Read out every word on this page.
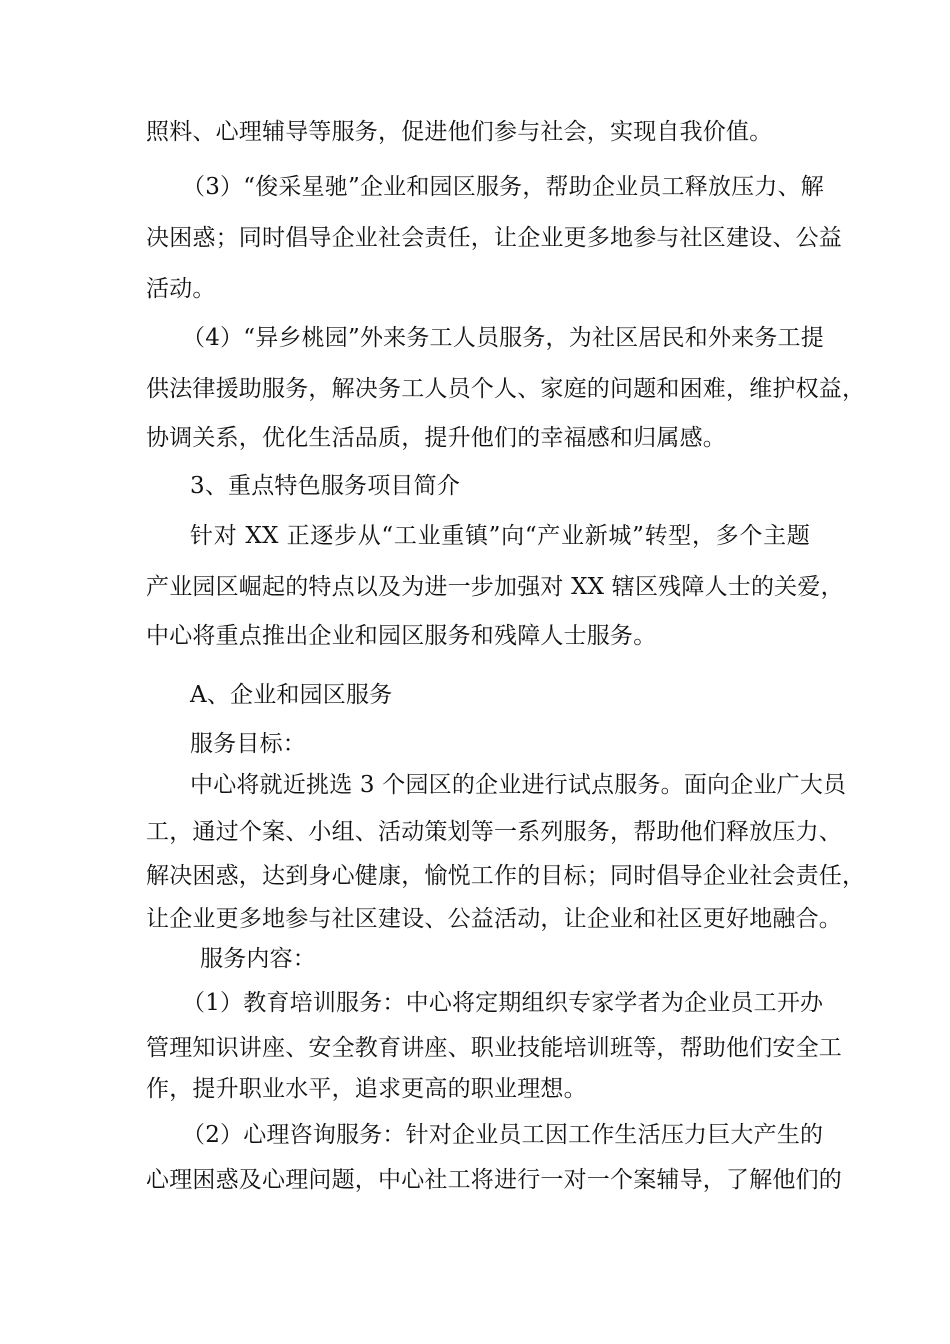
照料、心理辅导等服务，促进他们参与社会，实现自我价值。
（3）“俊采星驰”企业和园区服务，帮助企业员工释放压力、解
决困惑；同时倡导企业社会责任，让企业更多地参与社区建设、公益
活动。
（4）“异乡桃园”外来务工人员服务，为社区居民和外来务工提
供法律援助服务，解决务工人员个人、家庭的问题和困难，维护权益，
协调关系，优化生活品质，提升他们的幸福感和归属感。
3、重点特色服务项目简介
针对 XX 正逐步从“工业重镇”向“产业新城”转型，多个主题
产业园区崛起的特点以及为进一步加强对 XX 辖区残障人士的关爱，
中心将重点推出企业和园区服务和残障人士服务。
A、企业和园区服务
服务目标：
中心将就近挑选 3 个园区的企业进行试点服务。面向企业广大员
工，通过个案、小组、活动策划等一系列服务，帮助他们释放压力、
解决困惑，达到身心健康，愉悦工作的目标；同时倡导企业社会责任，
让企业更多地参与社区建设、公益活动，让企业和社区更好地融合。
服务内容：
（1）教育培训服务：中心将定期组织专家学者为企业员工开办
管理知识讲座、安全教育讲座、职业技能培训班等，帮助他们安全工
作，提升职业水平，追求更高的职业理想。
（2）心理咨询服务：针对企业员工因工作生活压力巨大产生的
心理困惑及心理问题，中心社工将进行一对一个案辅导，了解他们的
